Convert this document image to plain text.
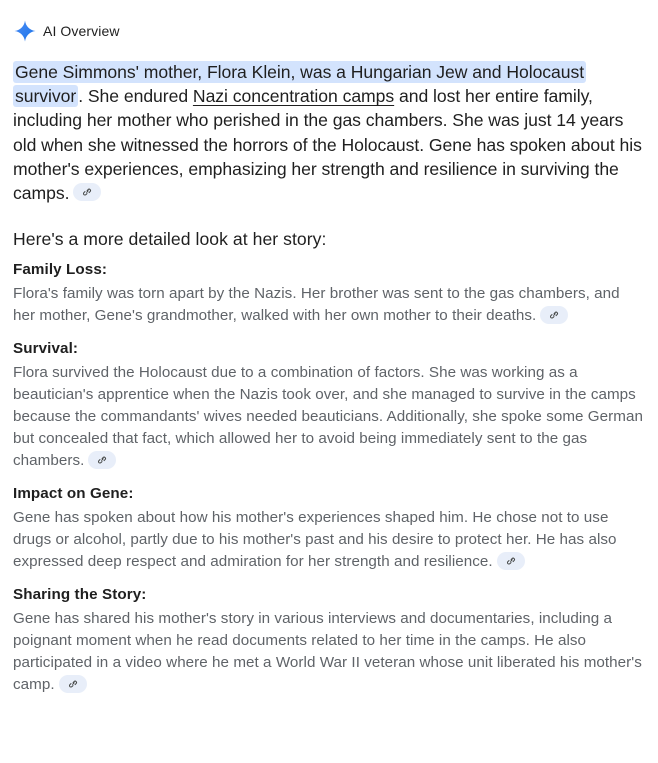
AI Overview
Gene Simmons' mother, Flora Klein, was a Hungarian Jew and Holocaust survivor . She endured Nazi concentration camps and lost her entire family, including her mother who perished in the gas chambers. She was just 14 years old when she witnessed the horrors of the Holocaust. Gene has spoken about his mother's experiences, emphasizing her strength and resilience in surviving the camps.
Here's a more detailed look at her story:
Family Loss:
Flora's family was torn apart by the Nazis. Her brother was sent to the gas chambers, and her mother, Gene's grandmother, walked with her own mother to their deaths.
Survival:
Flora survived the Holocaust due to a combination of factors. She was working as a beautician's apprentice when the Nazis took over, and she managed to survive in the camps because the commandants' wives needed beauticians. Additionally, she spoke some German but concealed that fact, which allowed her to avoid being immediately sent to the gas chambers.
Impact on Gene:
Gene has spoken about how his mother's experiences shaped him. He chose not to use drugs or alcohol, partly due to his mother's past and his desire to protect her. He has also expressed deep respect and admiration for her strength and resilience.
Sharing the Story:
Gene has shared his mother's story in various interviews and documentaries, including a poignant moment when he read documents related to her time in the camps. He also participated in a video where he met a World War II veteran whose unit liberated his mother's camp.
